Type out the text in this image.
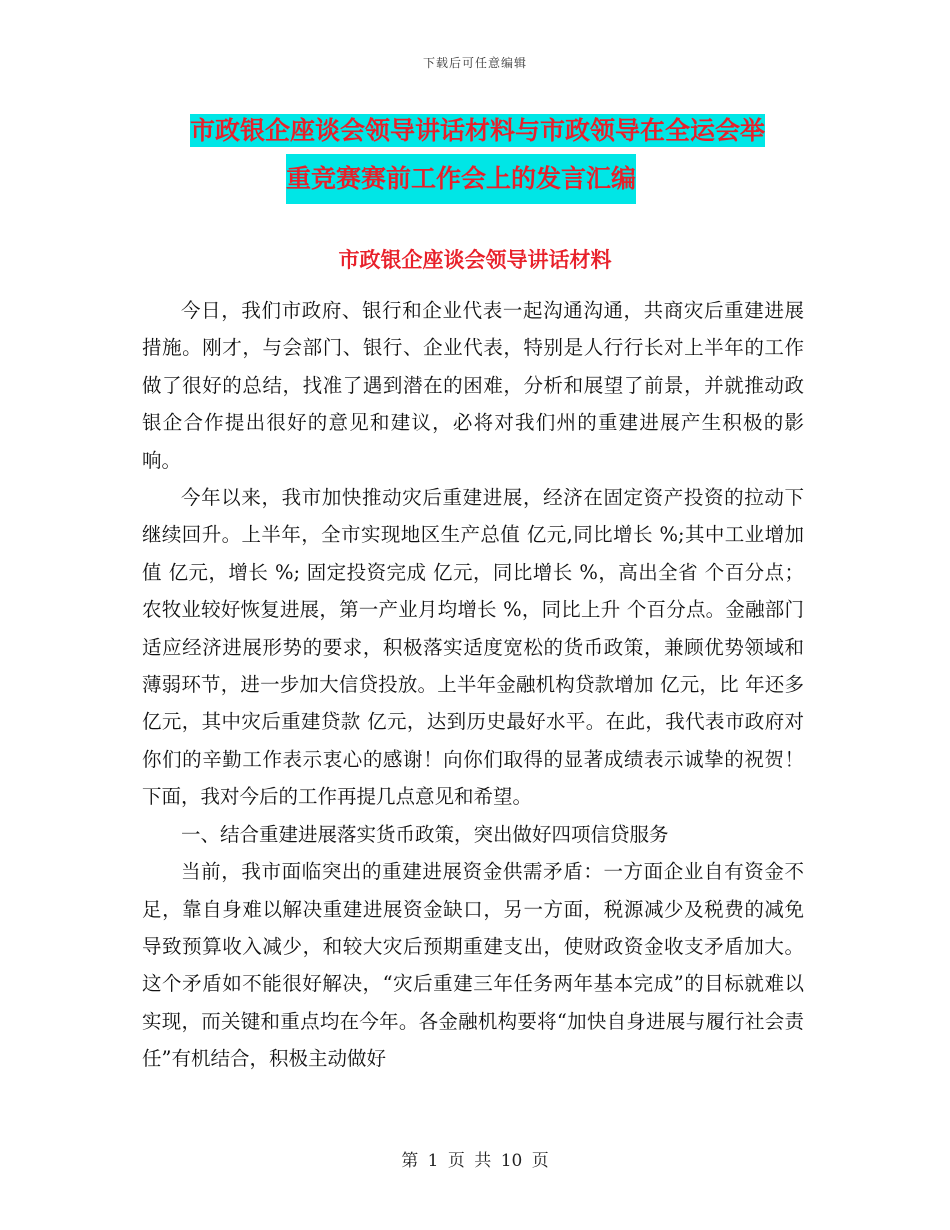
下载后可任意编辑
市政银企座谈会领导讲话材料与市政领导在全运会举
重竞赛赛前工作会上的发言汇编
市政银企座谈会领导讲话材料

今日，我们市政府、银行和企业代表一起沟通沟通，共商灾后重建进展措施。刚才，与会部门、银行、企业代表，特别是人行行长对上半年的工作做了很好的总结，找准了遇到潜在的困难，分析和展望了前景，并就推动政银企合作提出很好的意见和建议，必将对我们州的重建进展产生积极的影响。

今年以来，我市加快推动灾后重建进展，经济在固定资产投资的拉动下继续回升。上半年，全市实现地区生产总值 亿元,同比增长 %;其中工业增加值 亿元，增长 %; 固定投资完成 亿元，同比增长 %，高出全省 个百分点；农牧业较好恢复进展，第一产业月均增长 %，同比上升 个百分点。金融部门适应经济进展形势的要求，积极落实适度宽松的货币政策，兼顾优势领域和薄弱环节，进一步加大信贷投放。上半年金融机构贷款增加 亿元，比 年还多 亿元，其中灾后重建贷款 亿元，达到历史最好水平。在此，我代表市政府对你们的辛勤工作表示衷心的感谢！向你们取得的显著成绩表示诚挚的祝贺！下面，我对今后的工作再提几点意见和希望。

一、结合重建进展落实货币政策，突出做好四项信贷服务

当前，我市面临突出的重建进展资金供需矛盾：一方面企业自有资金不足，靠自身难以解决重建进展资金缺口，另一方面，税源减少及税费的减免导致预算收入减少，和较大灾后预期重建支出，使财政资金收支矛盾加大。这个矛盾如不能很好解决，“灾后重建三年任务两年基本完成”的目标就难以实现，而关键和重点均在今年。各金融机构要将“加快自身进展与履行社会责任”有机结合，积极主动做好

第 1 页 共 10 页
